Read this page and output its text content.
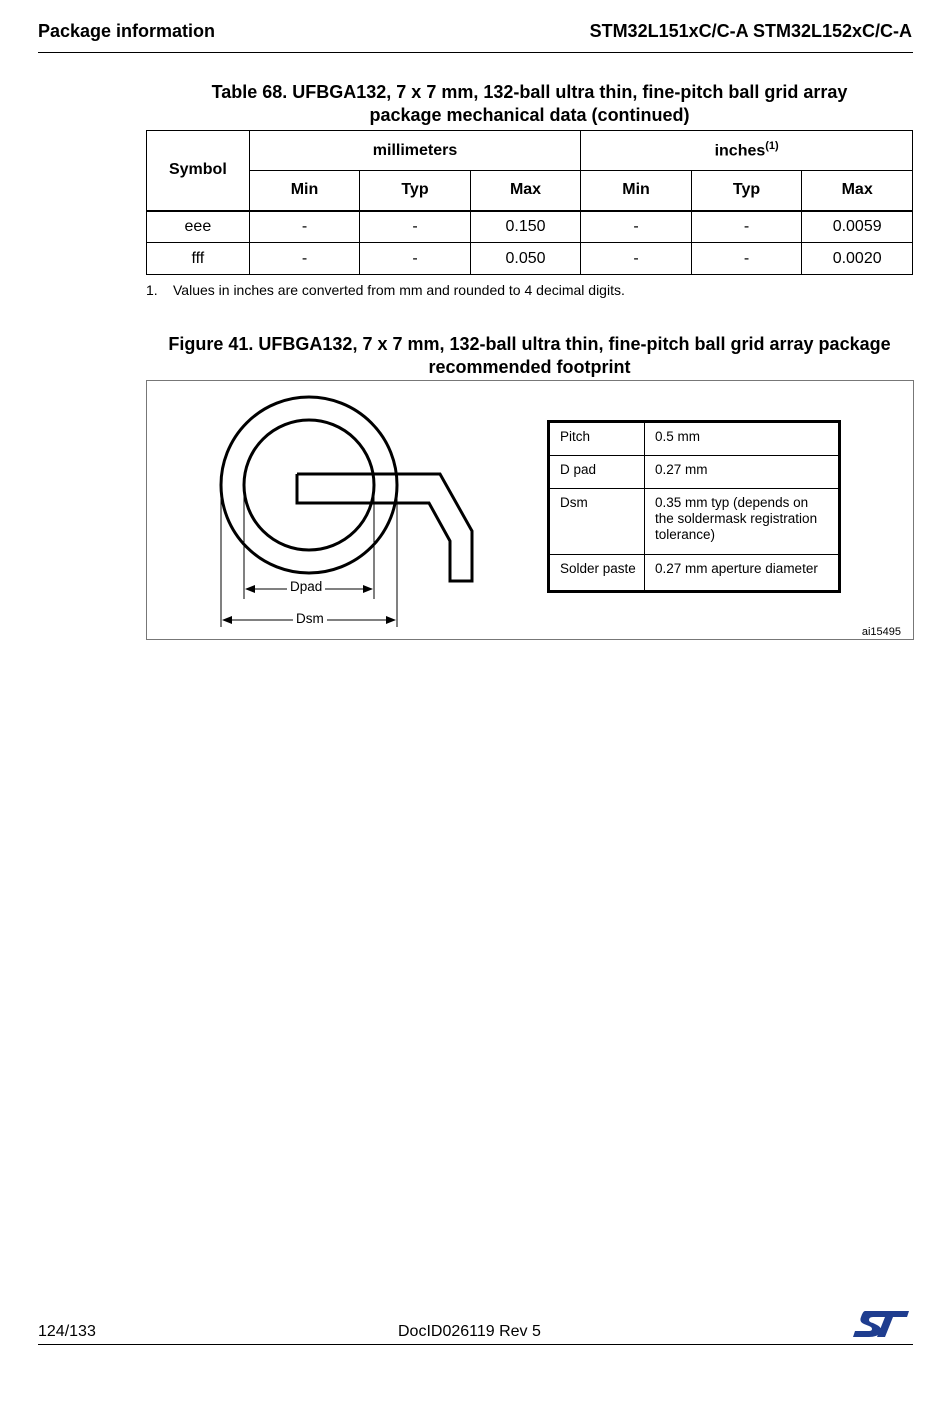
Package information	STM32L151xC/C-A STM32L152xC/C-A
Table 68. UFBGA132, 7 x 7 mm, 132-ball ultra thin, fine-pitch ball grid array
package mechanical data (continued)
Symbol	millimeters			inches$^{(1)}$
	Min	Typ	Max	Min	Typ	Max
eee	-	-	0.150	-	-	0.0059
fff	-	-	0.050	-	-	0.0020
1. Values in inches are converted from mm and rounded to 4 decimal digits.
Figure 41. UFBGA132, 7 x 7 mm, 132-ball ultra thin, fine-pitch ball grid array package
recommended footprint
Dpad
Dsm
Pitch	0.5 mm
D pad	0.27 mm
Dsm	0.35 mm typ (depends on the soldermask registration tolerance)
Solder paste	0.27 mm aperture diameter
ai15495
124/133	DocID026119 Rev 5
